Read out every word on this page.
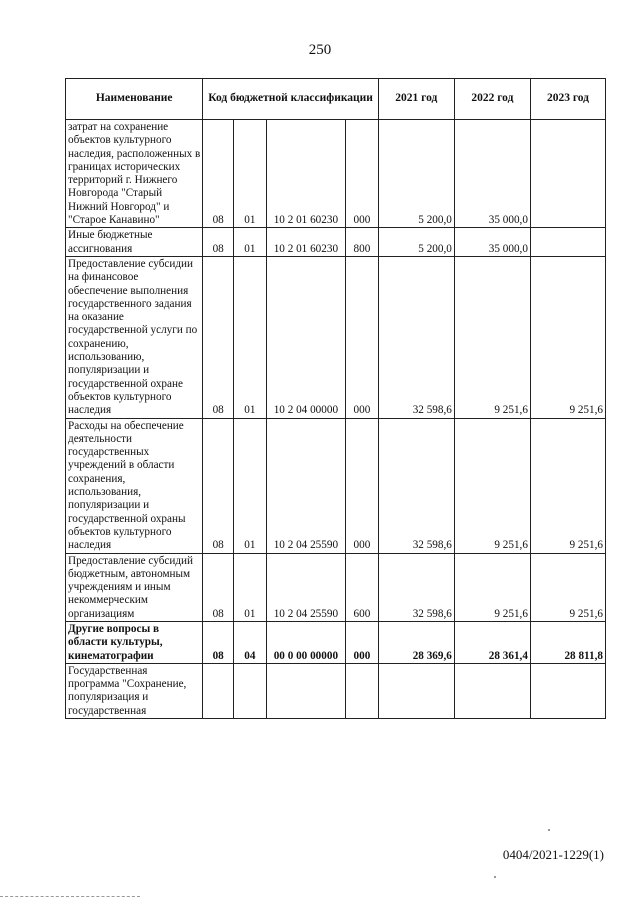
250
Наименование	Код бюджетной классификации				2021 год	2022 год	2023 год
затрат на сохранение объектов культурного наследия, расположенных в границах исторических территорий г. Нижнего Новгорода "Старый Нижний Новгород" и "Старое Канавино"	08	01	10 2 01 60230	000	5 200,0	35 000,0	
Иные бюджетные ассигнования	08	01	10 2 01 60230	800	5 200,0	35 000,0	
Предоставление субсидии на финансовое обеспечение выполнения государственного задания на оказание государственной услуги по сохранению, использованию, популяризации и государственной охране объектов культурного наследия	08	01	10 2 04 00000	000	32 598,6	9 251,6	9 251,6
Расходы на обеспечение деятельности государственных учреждений в области сохранения, использования, популяризации и государственной охраны объектов культурного наследия	08	01	10 2 04 25590	000	32 598,6	9 251,6	9 251,6
Предоставление субсидий бюджетным, автономным учреждениям и иным некоммерческим организациям	08	01	10 2 04 25590	600	32 598,6	9 251,6	9 251,6
Другие вопросы в области культуры, кинематографии	08	04	00 0 00 00000	000	28 369,6	28 361,4	28 811,8
Государственная программа "Сохранение, популяризация и государственная							
0404/2021-1229(1)
